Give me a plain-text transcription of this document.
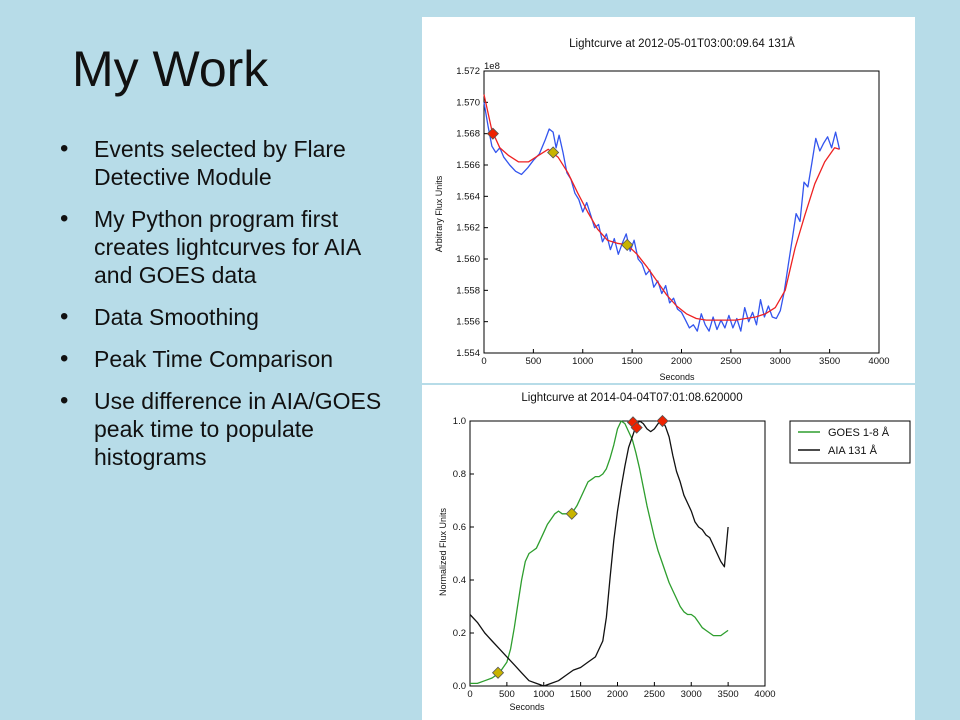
My Work
• Events selected by Flare Detective Module
• My Python program first creates lightcurves for AIA and GOES data
• Data Smoothing
• Peak Time Comparison
• Use difference in AIA/GOES peak time to populate histograms
Lightcurve at 2012-05-01T03:00:09.64 131Å
1e8
Seconds
Arbitrary Flux Units
Lightcurve at 2014-04-04T07:01:08.620000
Seconds
Normalized Flux Units
GOES 1-8 Å
AIA 131 Å
0	500	1000	1500	2000	2500	3000	3500	4000
1.554
1.556
1.558
1.560
1.562
1.564
1.566
1.568
1.570
1.572
0	500 1000 1500 2000 2500 3000 3500 4000
0.0
0.2
0.4
0.6
0.8
1.0
